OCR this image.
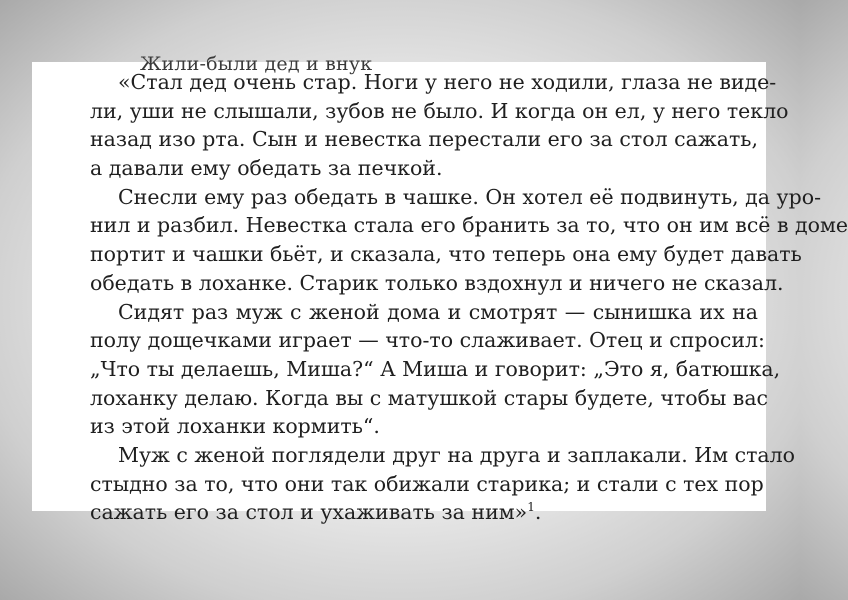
Жили-были дед и внук

«Стал дед очень стар. Ноги у него не ходили, глаза не виде-

ли, уши не слышали, зубов не было. И когда он ел, у него текло

назад изо рта. Сын и невестка перестали его за стол сажать,

а давали ему обедать за печкой.

Снесли ему раз обедать в чашке. Он хотел её подвинуть, да уро-

нил и разбил. Невестка стала его бранить за то, что он им всё в доме

портит и чашки бьёт, и сказала, что теперь она ему будет давать

обедать в лоханке. Старик только вздохнул и ничего не сказал.

Сидят раз муж с женой дома и смотрят — сынишка их на

полу дощечками играет — что-то слаживает. Отец и спросил:

„Что ты делаешь, Миша?“ А Миша и говорит: „Это я, батюшка,

лоханку делаю. Когда вы с матушкой стары будете, чтобы вас

из этой лоханки кормить“.

Муж с женой поглядели друг на друга и заплакали. Им стало

стыдно за то, что они так обижали старика; и стали с тех пор

сажать его за стол и ухаживать за ним»$^1$.
